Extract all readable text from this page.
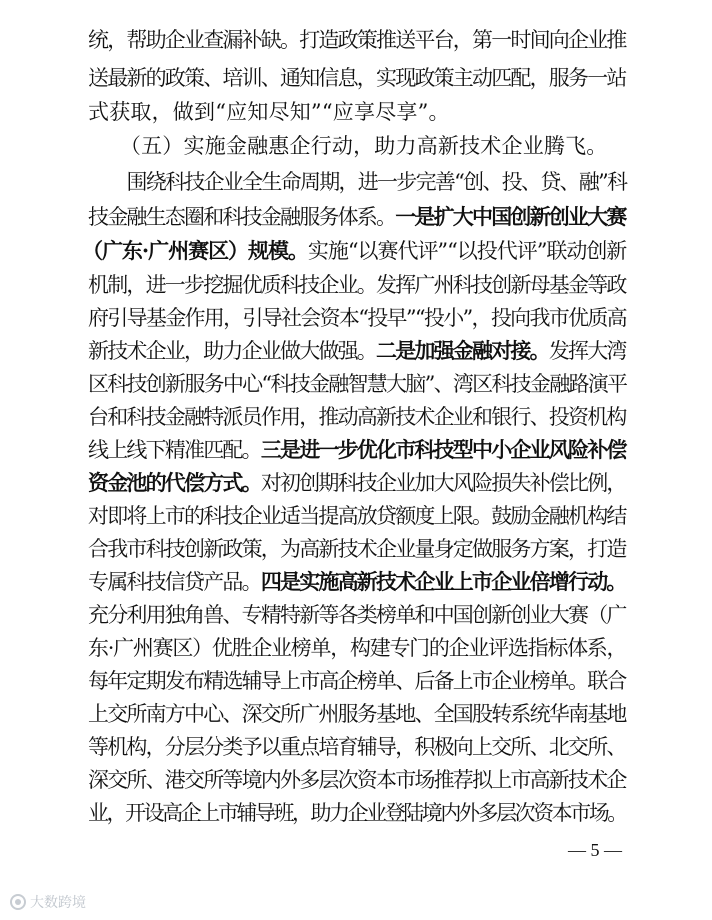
统，帮助企业查漏补缺。打造政策推送平台，第一时间向企业推
送最新的政策、培训、通知信息，实现政策主动匹配，服务一站
式获取，做到“应知尽知”“应享尽享”。
　　（五）实施金融惠企行动，助力高新技术企业腾飞。
　　围绕科技企业全生命周期，进一步完善“创、投、贷、融”科
技金融生态圈和科技金融服务体系。一是扩大中国创新创业大赛
（广东·广州赛区）规模。实施“以赛代评”“以投代评”联动创新
机制，进一步挖掘优质科技企业。发挥广州科技创新母基金等政
府引导基金作用，引导社会资本“投早”“投小”，投向我市优质高
新技术企业，助力企业做大做强。二是加强金融对接。发挥大湾
区科技创新服务中心“科技金融智慧大脑”、湾区科技金融路演平
台和科技金融特派员作用，推动高新技术企业和银行、投资机构
线上线下精准匹配。三是进一步优化市科技型中小企业风险补偿
资金池的代偿方式。对初创期科技企业加大风险损失补偿比例，
对即将上市的科技企业适当提高放贷额度上限。鼓励金融机构结
合我市科技创新政策，为高新技术企业量身定做服务方案，打造
专属科技信贷产品。四是实施高新技术企业上市企业倍增行动。
充分利用独角兽、专精特新等各类榜单和中国创新创业大赛（广
东·广州赛区）优胜企业榜单，构建专门的企业评选指标体系，
每年定期发布精选辅导上市高企榜单、后备上市企业榜单。联合
上交所南方中心、深交所广州服务基地、全国股转系统华南基地
等机构，分层分类予以重点培育辅导，积极向上交所、北交所、
深交所、港交所等境内外多层次资本市场推荐拟上市高新技术企
业，开设高企上市辅导班，助力企业登陆境内外多层次资本市场。
— 5 —
大数跨境
